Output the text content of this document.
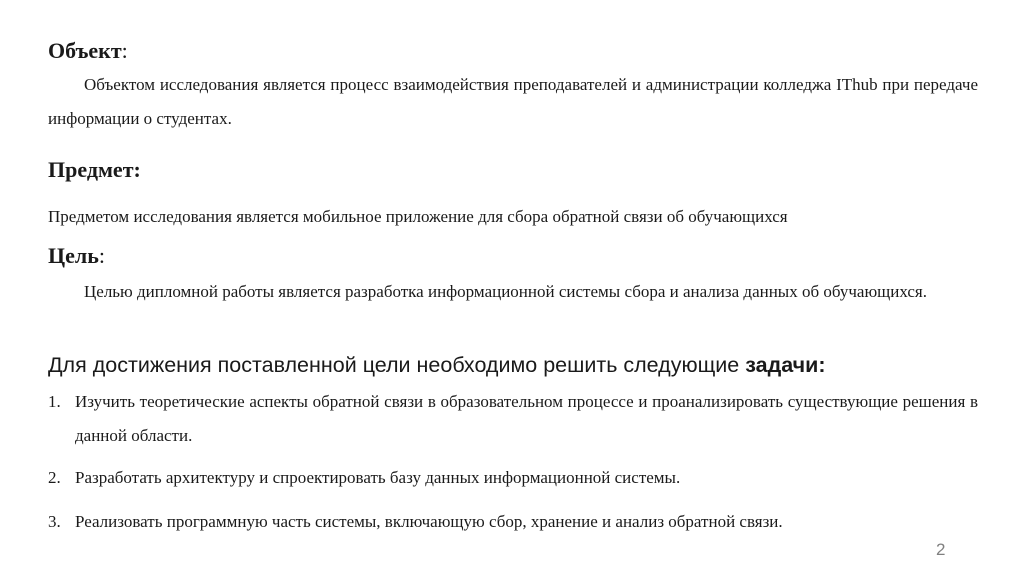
Объект:
Объектом исследования является процесс взаимодействия преподавателей и администрации колледжа IThub при передаче информации о студентах.
Предмет:
Предметом исследования является мобильное приложение для сбора обратной связи об обучающихся
Цель:
Целью дипломной работы является разработка информационной системы сбора и анализа данных об обучающихся.
Для достижения поставленной цели необходимо решить следующие задачи:
1. Изучить теоретические аспекты обратной связи в образовательном процессе и проанализировать существующие решения в данной области.
2. Разработать архитектуру и спроектировать базу данных информационной системы.
3. Реализовать программную часть системы, включающую сбор, хранение и анализ обратной связи.
2
